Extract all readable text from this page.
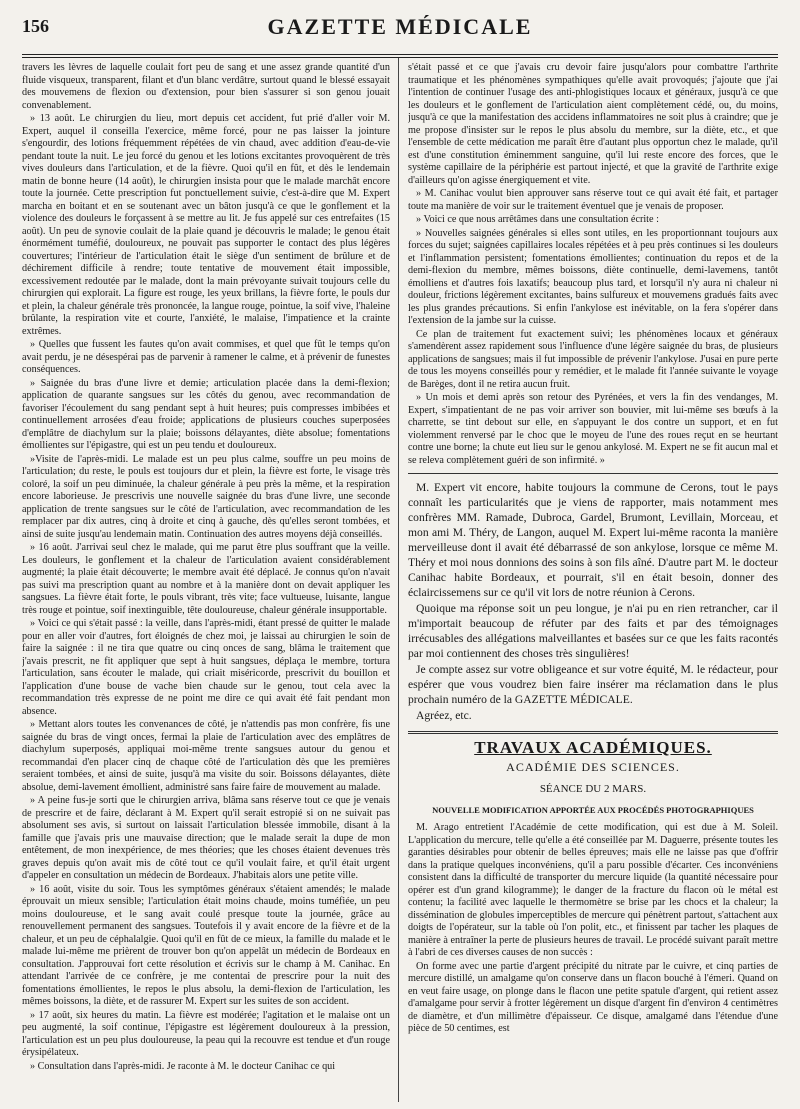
156	GAZETTE MÉDICALE

travers les lèvres de laquelle coulait fort peu de sang et une assez grande quantité d'un fluide visqueux, transparent, filant et d'un blanc verdâtre, surtout quand le blessé essayait des mouvemens de flexion ou d'extension, pour bien s'assurer si son genou jouait convenablement.

» 13 août. Le chirurgien du lieu, mort depuis cet accident, fut prié d'aller voir M. Expert, auquel il conseilla l'exercice, même forcé, pour ne pas laisser la jointure s'engourdir, des lotions fréquemment répétées de vin chaud, avec addition d'eau-de-vie pendant toute la nuit. Le jeu forcé du genou et les lotions excitantes provoquèrent de très vives douleurs dans l'articulation, et de la fièvre. Quoi qu'il en fût, et dès le lendemain matin de bonne heure (14 août), le chirurgien insista pour que le malade marchât encore toute la journée. Cette prescription fut ponctuellement suivie, c'est-à-dire que M. Expert marcha en boitant et en se soutenant avec un bâton jusqu'à ce que le gonflement et la violence des douleurs le forçassent à se mettre au lit. Je fus appelé sur ces entrefaites (15 août). Un peu de synovie coulait de la plaie quand je découvris le malade; le genou était énormément tuméfié, douloureux, ne pouvait pas supporter le contact des plus légères couvertures; l'intérieur de l'articulation était le siège d'un sentiment de brûlure et de déchirement difficile à rendre; toute tentative de mouvement était impossible, excessivement redoutée par le malade, dont la main prévoyante suivait toujours celle du chirurgien qui explorait. La figure est rouge, les yeux brillans, la fièvre forte, le pouls dur et plein, la chaleur générale très prononcée, la langue rouge, pointue, la soif vive, l'haleine brûlante, la respiration vite et courte, l'anxiété, le malaise, l'impatience et la crainte extrêmes.

» Quelles que fussent les fautes qu'on avait commises, et quel que fût le temps qu'on avait perdu, je ne désespérai pas de parvenir à ramener le calme, et à prévenir de funestes conséquences.

» Saignée du bras d'une livre et demie; articulation placée dans la demi-flexion; application de quarante sangsues sur les côtés du genou, avec recommandation de favoriser l'écoulement du sang pendant sept à huit heures; puis compresses imbibées et continuellement arrosées d'eau froide; applications de plusieurs couches superposées d'emplâtre de diachylum sur la plaie; boissons délayantes, diète absolue; fomentations émollientes sur l'épigastre, qui est un peu tendu et douloureux.

»Visite de l'après-midi. Le malade est un peu plus calme, souffre un peu moins de l'articulation; du reste, le pouls est toujours dur et plein, la fièvre est forte, le visage très coloré, la soif un peu diminuée, la chaleur générale à peu près la même, et la respiration encore laborieuse. Je prescrivis une nouvelle saignée du bras d'une livre, une seconde application de trente sangsues sur le côté de l'articulation, avec recommandation de les remplacer par dix autres, cinq à droite et cinq à gauche, dès qu'elles seront tombées, et ainsi de suite jusqu'au lendemain matin. Continuation des autres moyens déjà conseillés.

» 16 août. J'arrivai seul chez le malade, qui me parut être plus souffrant que la veille. Les douleurs, le gonflement et la chaleur de l'articulation avaient considérablement augmenté; la plaie était découverte; le membre avait été déplacé. Je connus qu'on n'avait pas suivi ma prescription quant au nombre et à la manière dont on devait appliquer les sangsues. La fièvre était forte, le pouls vibrant, très vite; face vultueuse, luisante, langue très rouge et pointue, soif inextinguible, tête douloureuse, chaleur générale insupportable.

» Voici ce qui s'était passé : la veille, dans l'après-midi, étant pressé de quitter le malade pour en aller voir d'autres, fort éloignés de chez moi, je laissai au chirurgien le soin de faire la saignée : il ne tira que quatre ou cinq onces de sang, blâma le traitement que j'avais prescrit, ne fit appliquer que sept à huit sangsues, déplaça le membre, tortura l'articulation, sans écouter le malade, qui criait miséricorde, prescrivit du bouillon et l'application d'une bouse de vache bien chaude sur le genou, tout cela avec la recommandation très expresse de ne point me dire ce qui avait été fait pendant mon absence.

» Mettant alors toutes les convenances de côté, je n'attendis pas mon confrère, fis une saignée du bras de vingt onces, fermai la plaie de l'articulation avec des emplâtres de diachylum superposés, appliquai moi-même trente sangsues autour du genou et recommandai d'en placer cinq de chaque côté de l'articulation dès que les premières seraient tombées, et ainsi de suite, jusqu'à ma visite du soir. Boissons délayantes, diète absolue, demi-lavement émollient, administré sans faire faire de mouvement au malade.

» A peine fus-je sorti que le chirurgien arriva, blâma sans réserve tout ce que je venais de prescrire et de faire, déclarant à M. Expert qu'il serait estropié si on ne suivait pas absolument ses avis, si surtout on laissait l'articulation blessée immobile, disant à la famille que j'avais pris une mauvaise direction; que le malade serait la dupe de mon entêtement, de mon inexpérience, de mes théories; que les choses étaient devenues très graves depuis qu'on avait mis de côté tout ce qu'il voulait faire, et qu'il était urgent d'appeler en consultation un médecin de Bordeaux. J'habitais alors une petite ville.

» 16 août, visite du soir. Tous les symptômes généraux s'étaient amendés; le malade éprouvait un mieux sensible; l'articulation était moins chaude, moins tuméfiée, un peu moins douloureuse, et le sang avait coulé presque toute la journée, grâce au renouvellement permanent des sangsues. Toutefois il y avait encore de la fièvre et de la chaleur, et un peu de céphalalgie. Quoi qu'il en fût de ce mieux, la famille du malade et le malade lui-même me prièrent de trouver bon qu'on appelât un médecin de Bordeaux en consultation. J'approuvai fort cette résolution et écrivis sur le champ à M. Canihac. En attendant l'arrivée de ce confrère, je me contentai de prescrire pour la nuit des fomentations émollientes, le repos le plus absolu, la demi-flexion de l'articulation, les mêmes boissons, la diète, et de rassurer M. Expert sur les suites de son accident.

» 17 août, six heures du matin. La fièvre est modérée; l'agitation et le malaise ont un peu augmenté, la soif continue, l'épigastre est légèrement douloureux à la pression, l'articulation est un peu plus douloureuse, la peau qui la recouvre est tendue et d'un rouge érysipélateux.

» Consultation dans l'après-midi. Je raconte à M. le docteur Canihac ce qui

s'était passé et ce que j'avais cru devoir faire jusqu'alors pour combattre l'arthrite traumatique et les phénomènes sympathiques qu'elle avait provoqués; j'ajoute que j'ai l'intention de continuer l'usage des anti-phlogistiques locaux et généraux, jusqu'à ce que les douleurs et le gonflement de l'articulation aient complètement cédé, ou, du moins, jusqu'à ce que la manifestation des accidens inflammatoires ne soit plus à craindre; que je me propose d'insister sur le repos le plus absolu du membre, sur la diète, etc., et que l'ensemble de cette médication me paraît être d'autant plus opportun chez le malade, qu'il est d'une constitution éminemment sanguine, qu'il lui reste encore des forces, que le système capillaire de la périphérie est partout injecté, et que la gravité de l'arthrite exige d'ailleurs qu'on agisse énergiquement et vite.

» M. Canihac voulut bien approuver sans réserve tout ce qui avait été fait, et partager toute ma manière de voir sur le traitement éventuel que je venais de proposer.

» Voici ce que nous arrêtâmes dans une consultation écrite :

» Nouvelles saignées générales si elles sont utiles, en les proportionnant toujours aux forces du sujet; saignées capillaires locales répétées et à peu près continues si les douleurs et l'inflammation persistent; fomentations émollientes; continuation du repos et de la demi-flexion du membre, mêmes boissons, diète continuelle, demi-lavemens, tantôt émolliens et d'autres fois laxatifs; beaucoup plus tard, et lorsqu'il n'y aura ni chaleur ni douleur, frictions légèrement excitantes, bains sulfureux et mouvemens gradués faits avec les plus grandes précautions. Si enfin l'ankylose est inévitable, on la fera s'opérer dans l'extension de la jambe sur la cuisse.

Ce plan de traitement fut exactement suivi; les phénomènes locaux et généraux s'amendèrent assez rapidement sous l'influence d'une légère saignée du bras, de plusieurs applications de sangsues; mais il fut impossible de prévenir l'ankylose. J'usai en pure perte de tous les moyens conseillés pour y remédier, et le malade fit l'année suivante le voyage de Barèges, dont il ne retira aucun fruit.

» Un mois et demi après son retour des Pyrénées, et vers la fin des vendanges, M. Expert, s'impatientant de ne pas voir arriver son bouvier, mit lui-même ses bœufs à la charrette, se tint debout sur elle, en s'appuyant le dos contre un support, et en fut violemment renversé par le choc que le moyeu de l'une des roues reçut en se heurtant contre une borne; la chute eut lieu sur le genou ankylosé. M. Expert ne se fit aucun mal et se releva complètement guéri de son infirmité. »

M. Expert vit encore, habite toujours la commune de Cerons, tout le pays connaît les particularités que je viens de rapporter, mais notamment mes confrères MM. Ramade, Dubroca, Gardel, Brumont, Levillain, Morceau, et mon ami M. Théry, de Langon, auquel M. Expert lui-même raconta la manière merveilleuse dont il avait été débarrassé de son ankylose, lorsque ce même M. Théry et moi nous donnions des soins à son fils aîné. D'autre part M. le docteur Canihac habite Bordeaux, et pourrait, s'il en était besoin, donner des éclaircissemens sur ce qu'il vit lors de notre réunion à Cerons.

Quoique ma réponse soit un peu longue, je n'ai pu en rien retrancher, car il m'importait beaucoup de réfuter par des faits et par des témoignages irrécusables des allégations malveillantes et basées sur ce que les faits racontés par moi contiennent des choses très singulières!

Je compte assez sur votre obligeance et sur votre équité, M. le rédacteur, pour espérer que vous voudrez bien faire insérer ma réclamation dans le plus prochain numéro de la GAZETTE MÉDICALE.

Agréez, etc.

TRAVAUX ACADÉMIQUES.
ACADÉMIE DES SCIENCES.
SÉANCE DU 2 MARS.
NOUVELLE MODIFICATION APPORTÉE AUX PROCÉDÉS PHOTOGRAPHIQUES

M. Arago entretient l'Académie de cette modification, qui est due à M. Soleil. L'application du mercure, telle qu'elle a été conseillée par M. Daguerre, présente toutes les garanties désirables pour obtenir de belles épreuves; mais elle ne laisse pas que d'offrir dans la pratique quelques inconvéniens, qu'il a paru possible d'écarter. Ces inconvéniens consistent dans la difficulté de transporter du mercure liquide (la quantité nécessaire pour opérer est d'un grand kilogramme); le danger de la fracture du flacon où le métal est contenu; la facilité avec laquelle le thermomètre se brise par les chocs et la chaleur; la dissémination de globules imperceptibles de mercure qui pénètrent partout, s'attachent aux doigts de l'opérateur, sur la table où l'on polit, etc., et finissent par tacher les plaques de manière à entraîner la perte de plusieurs heures de travail. Le procédé suivant paraît mettre à l'abri de ces diverses causes de non succès :

On forme avec une partie d'argent précipité du nitrate par le cuivre, et cinq parties de mercure distillé, un amalgame qu'on conserve dans un flacon bouché à l'émeri. Quand on en veut faire usage, on plonge dans le flacon une petite spatule d'argent, qui retient assez d'amalgame pour servir à frotter légèrement un disque d'argent fin d'environ 4 centimètres de diamètre, et d'un millimètre d'épaisseur. Ce disque, amalgamé dans l'étendue d'une pièce de 50 centimes, est
